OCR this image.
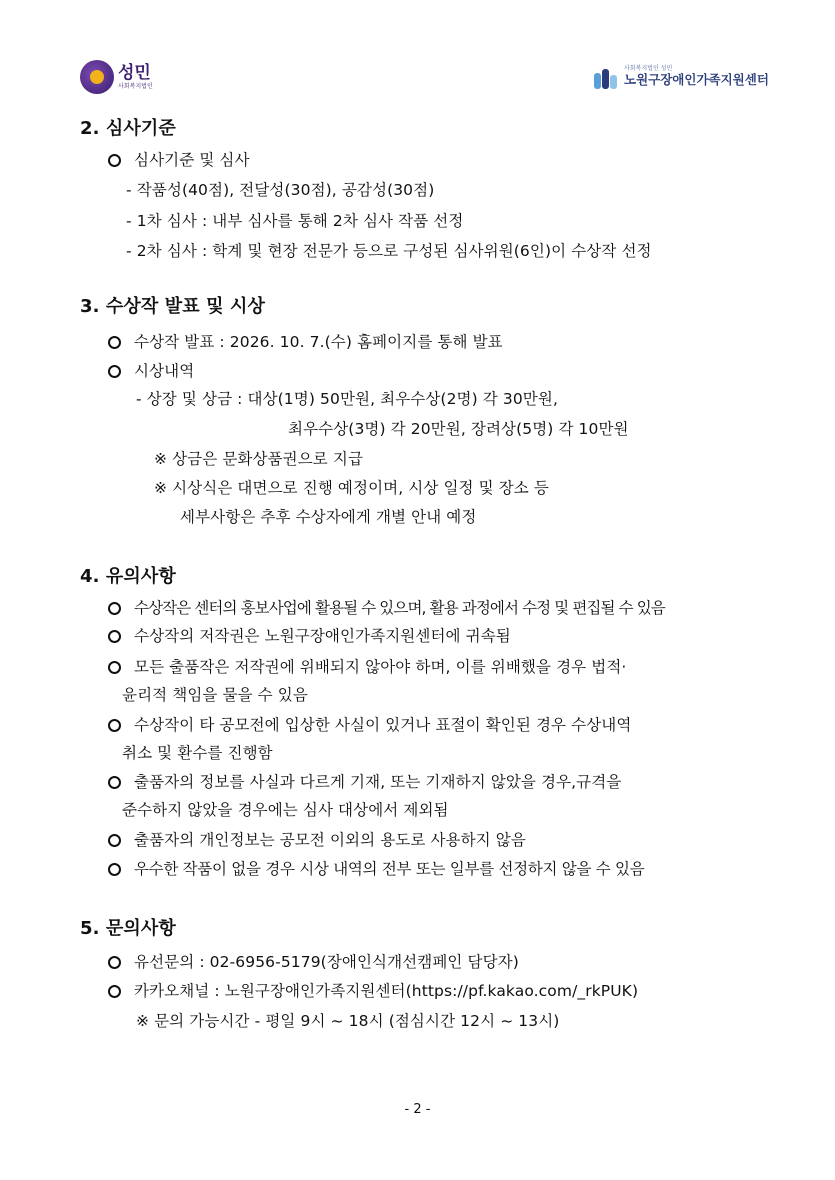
성민
사회복지법인
사회복지법인 성민
노원구장애인가족지원센터

2. 심사기준
심사기준 및 심사
- 작품성(40점), 전달성(30점), 공감성(30점)
- 1차 심사 : 내부 심사를 통해 2차 심사 작품 선정
- 2차 심사 : 학계 및 현장 전문가 등으로 구성된 심사위원(6인)이 수상작 선정
3. 수상작 발표 및 시상
수상작 발표 : 2026. 10. 7.(수) 홈페이지를 통해 발표
시상내역
- 상장 및 상금 : 대상(1명) 50만원, 최우수상(2명) 각 30만원,
최우수상(3명) 각 20만원, 장려상(5명) 각 10만원
※ 상금은 문화상품권으로 지급
※ 시상식은 대면으로 진행 예정이며, 시상 일정 및 장소 등
세부사항은 추후 수상자에게 개별 안내 예정
4. 유의사항
수상작은 센터의 홍보사업에 활용될 수 있으며, 활용 과정에서 수정 및 편집될 수 있음
수상작의 저작권은 노원구장애인가족지원센터에 귀속됨
모든 출품작은 저작권에 위배되지 않아야 하며, 이를 위배했을 경우 법적·
윤리적 책임을 물을 수 있음
수상작이 타 공모전에 입상한 사실이 있거나 표절이 확인된 경우 수상내역
취소 및 환수를 진행함
출품자의 정보를 사실과 다르게 기재, 또는 기재하지 않았을 경우,규격을
준수하지 않았을 경우에는 심사 대상에서 제외됨
출품자의 개인정보는 공모전 이외의 용도로 사용하지 않음
우수한 작품이 없을 경우 시상 내역의 전부 또는 일부를 선정하지 않을 수 있음
5. 문의사항
유선문의 : 02-6956-5179(장애인식개선캠페인 담당자)
카카오채널 : 노원구장애인가족지원센터(https://pf.kakao.com/_rkPUK)
※ 문의 가능시간 - 평일 9시 ~ 18시 (점심시간 12시 ~ 13시)
- 2 -
